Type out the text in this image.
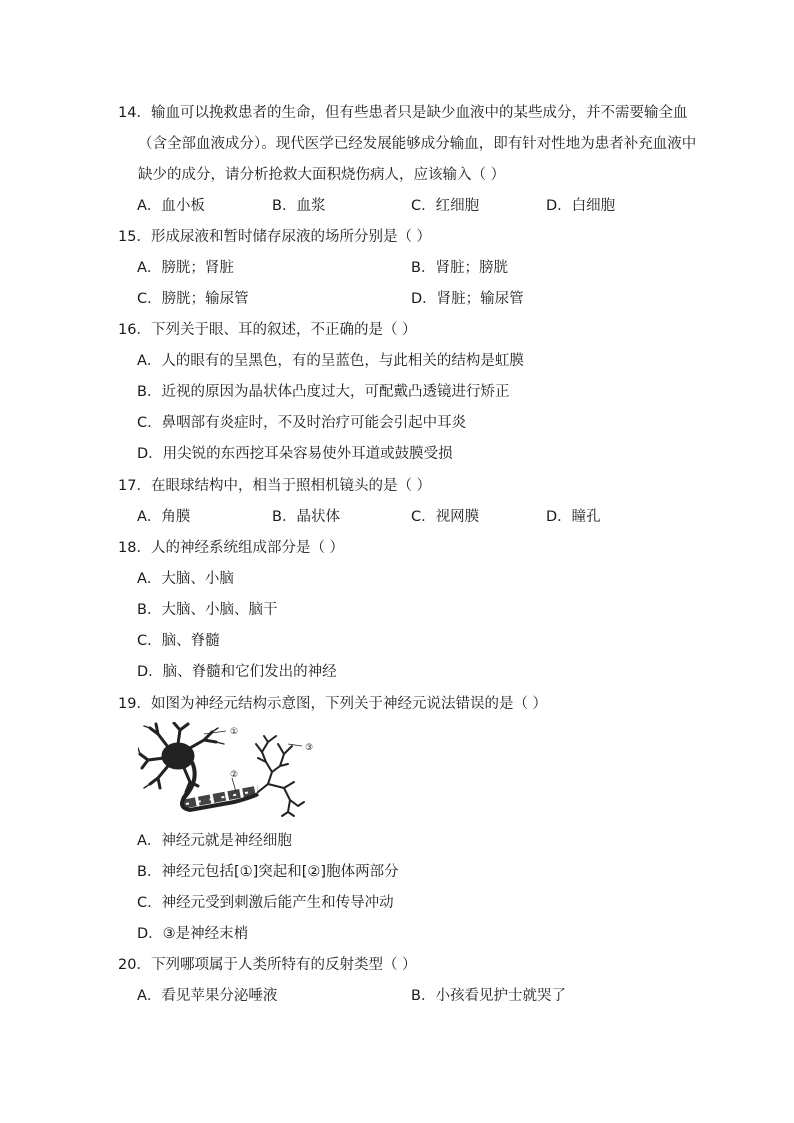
14．输血可以挽救患者的生命，但有些患者只是缺少血液中的某些成分，并不需要输全血
（含全部血液成分）。现代医学已经发展能够成分输血，即有针对性地为患者补充血液中
缺少的成分，请分析抢救大面积烧伤病人，应该输入（ ）
A．血小板	B．血浆	C．红细胞	D．白细胞
15．形成尿液和暂时储存尿液的场所分别是（ ）
A．膀胱；肾脏	B．肾脏；膀胱
C．膀胱；输尿管	D．肾脏；输尿管
16．下列关于眼、耳的叙述，不正确的是（ ）
A．人的眼有的呈黑色，有的呈蓝色，与此相关的结构是虹膜
B．近视的原因为晶状体凸度过大，可配戴凸透镜进行矫正
C．鼻咽部有炎症时，不及时治疗可能会引起中耳炎
D．用尖锐的东西挖耳朵容易使外耳道或鼓膜受损
17．在眼球结构中，相当于照相机镜头的是（ ）
A．角膜	B．晶状体	C．视网膜	D．瞳孔
18．人的神经系统组成部分是（ ）
A．大脑、小脑
B．大脑、小脑、脑干
C．脑、脊髓
D．脑、脊髓和它们发出的神经
19．如图为神经元结构示意图，下列关于神经元说法错误的是（ ）
①
②
③
A．神经元就是神经细胞
B．神经元包括[①]突起和[②]胞体两部分
C．神经元受到刺激后能产生和传导冲动
D．③是神经末梢
20．下列哪项属于人类所特有的反射类型（ ）
A．看见苹果分泌唾液	B．小孩看见护士就哭了
